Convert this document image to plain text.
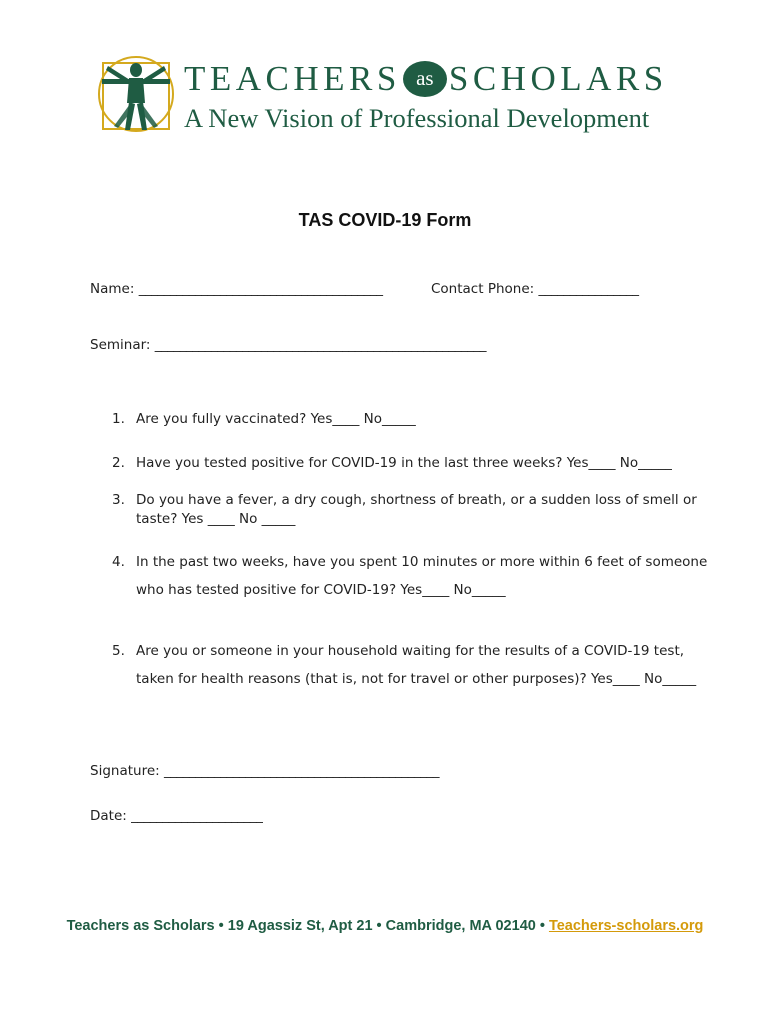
TEACHERS as SCHOLARS
A New Vision of Professional Development
TAS COVID-19 Form
Name: _______________________________________	Contact Phone: ________________
Seminar: _____________________________________________________
1. Are you fully vaccinated? Yes____ No_____
2. Have you tested positive for COVID-19 in the last three weeks? Yes____ No_____
3. Do you have a fever, a dry cough, shortness of breath, or a sudden loss of smell or
taste? Yes ____ No _____
4. In the past two weeks, have you spent 10 minutes or more within 6 feet of someone
who has tested positive for COVID-19? Yes____ No_____
5. Are you or someone in your household waiting for the results of a COVID-19 test,
taken for health reasons (that is, not for travel or other purposes)? Yes____ No_____
Signature: ____________________________________________
Date: _____________________
Teachers as Scholars • 19 Agassiz St, Apt 21 • Cambridge, MA 02140 • Teachers-scholars.org
